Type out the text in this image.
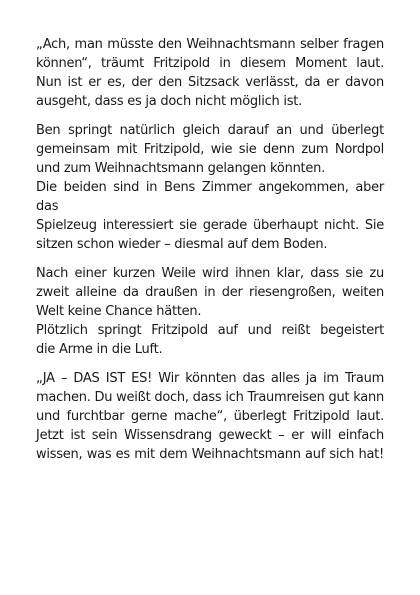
„Ach, man müsste den Weihnachtsmann selber fragen
können“, träumt Fritzipold in diesem Moment laut.
Nun ist er es, der den Sitzsack verlässt, da er davon
ausgeht, dass es ja doch nicht möglich ist.

Ben springt natürlich gleich darauf an und überlegt
gemeinsam mit Fritzipold, wie sie denn zum Nordpol
und zum Weihnachtsmann gelangen könnten.
Die beiden sind in Bens Zimmer angekommen, aber das
Spielzeug interessiert sie gerade überhaupt nicht. Sie
sitzen schon wieder – diesmal auf dem Boden.

Nach einer kurzen Weile wird ihnen klar, dass sie zu
zweit alleine da draußen in der riesengroßen, weiten
Welt keine Chance hätten.
Plötzlich springt Fritzipold auf und reißt begeistert
die Arme in die Luft.

„JA – DAS IST ES! Wir könnten das alles ja im Traum
machen. Du weißt doch, dass ich Traumreisen gut kann
und furchtbar gerne mache“, überlegt Fritzipold laut.
Jetzt ist sein Wissensdrang geweckt – er will einfach
wissen, was es mit dem Weihnachtsmann auf sich hat!
